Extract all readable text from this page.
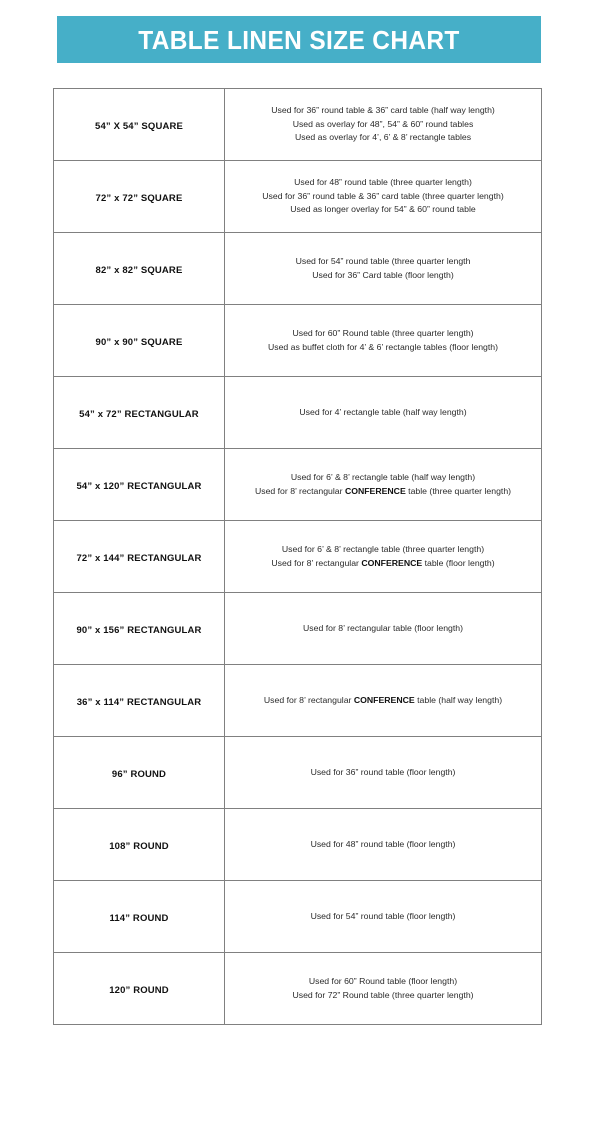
TABLE LINEN SIZE CHART
54” X 54” SQUARE	Used for 36” round table & 36” card table (half way length)
Used as overlay for 48”, 54” & 60” round tables
Used as overlay for 4’, 6’ & 8’ rectangle tables

72” x 72” SQUARE	Used for 48” round table (three quarter length)
Used for 36” round table & 36” card table (three quarter length)
Used as longer overlay for 54” & 60” round table

82” x 82” SQUARE	Used for 54” round table (three quarter length
Used for 36” Card table (floor length)

90” x 90” SQUARE	Used for 60” Round table (three quarter length)
Used as buffet cloth for 4’ & 6’ rectangle tables (floor length)

54” x 72” RECTANGULAR	Used for 4’ rectangle table (half way length)

54” x 120” RECTANGULAR	Used for 6’ & 8’ rectangle table (half way length)
Used for 8’ rectangular CONFERENCE table (three quarter length)

72” x 144” RECTANGULAR	Used for 6’ & 8’ rectangle table (three quarter length)
Used for 8’ rectangular CONFERENCE table (floor length)

90” x 156” RECTANGULAR	Used for 8’ rectangular table (floor length)

36” x 114” RECTANGULAR	Used for 8’ rectangular CONFERENCE table (half way length)

96” ROUND	Used for 36” round table (floor length)

108” ROUND	Used for 48” round table (floor length)

114” ROUND	Used for 54” round table (floor length)

120” ROUND	Used for 60” Round table (floor length)
Used for 72” Round table (three quarter length)
